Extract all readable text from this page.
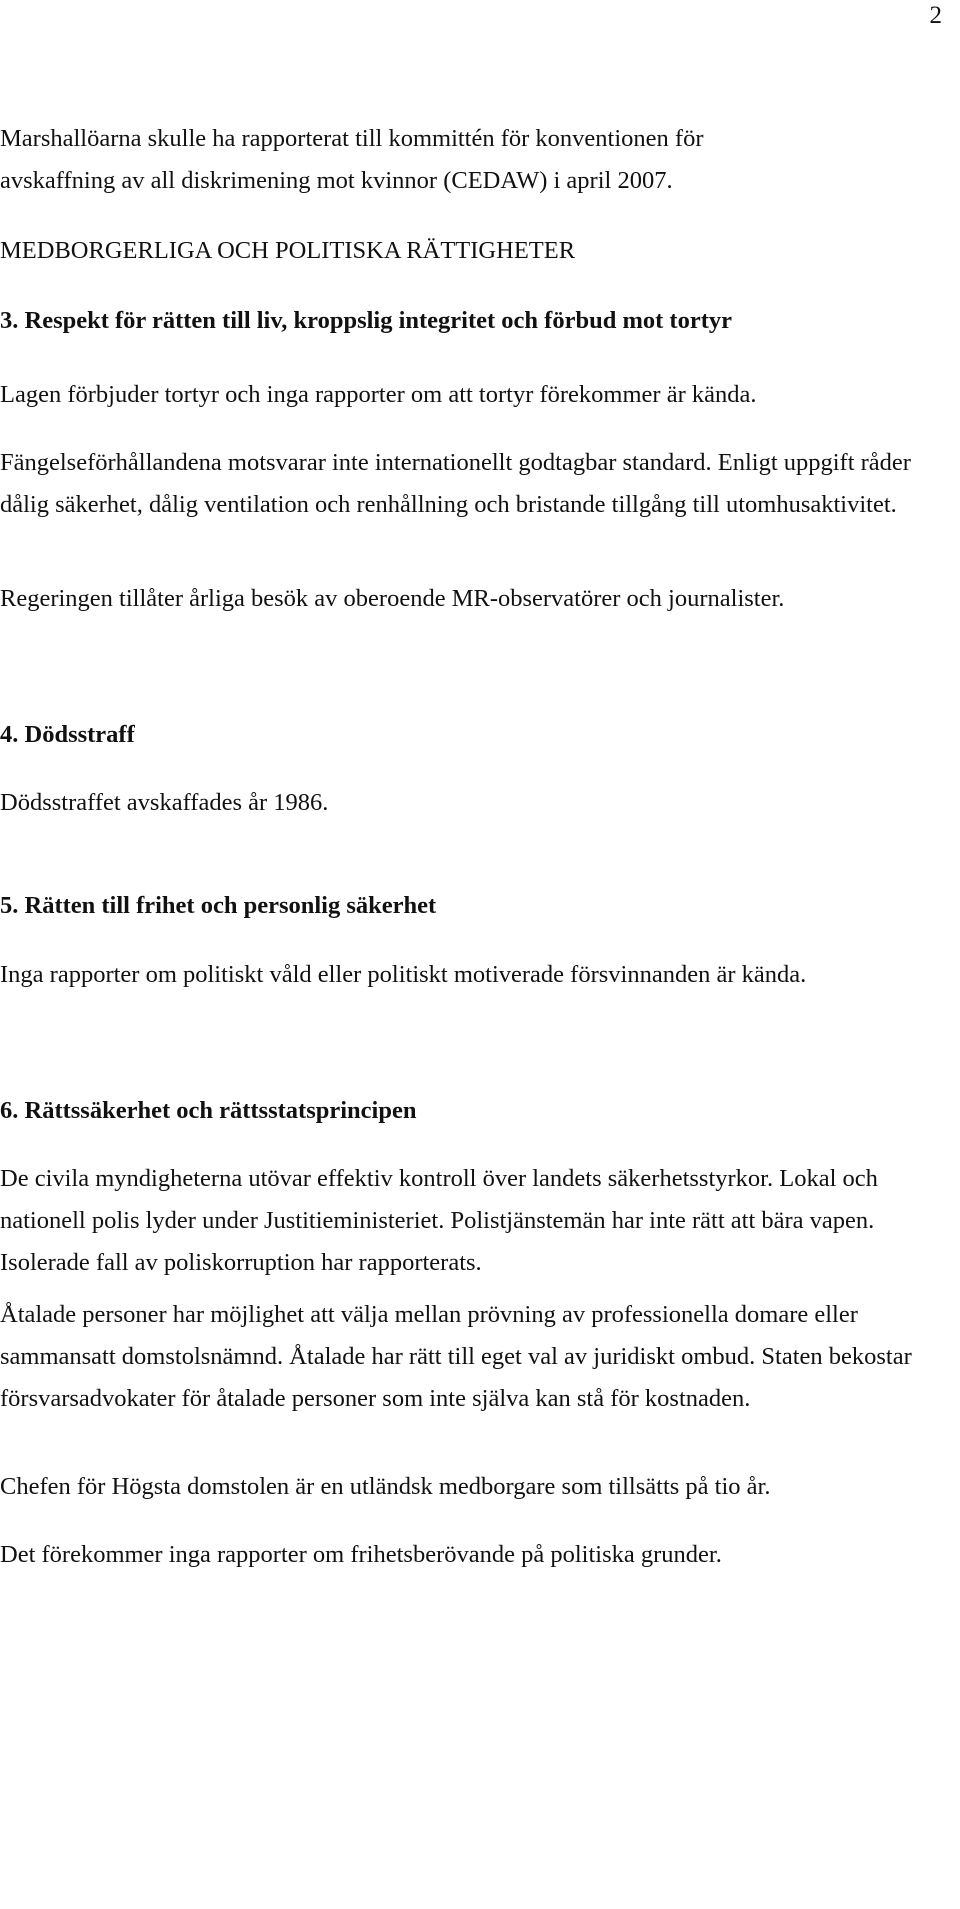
2
Marshallöarna skulle ha rapporterat till kommittén för konventionen för
avskaffning av all diskrimening mot kvinnor (CEDAW) i april 2007.
MEDBORGERLIGA OCH POLITISKA RÄTTIGHETER
3. Respekt för rätten till liv, kroppslig integritet och förbud mot tortyr
Lagen förbjuder tortyr och inga rapporter om att tortyr förekommer är kända.
Fängelseförhållandena motsvarar inte internationellt godtagbar standard. Enligt uppgift råder dålig säkerhet, dålig ventilation och renhållning och bristande tillgång till utomhusaktivitet.
Regeringen tillåter årliga besök av oberoende MR-observatörer och journalister.
4. Dödsstraff
Dödsstraffet avskaffades år 1986.
5. Rätten till frihet och personlig säkerhet
Inga rapporter om politiskt våld eller politiskt motiverade försvinnanden är kända.
6. Rättssäkerhet och rättsstatsprincipen
De civila myndigheterna utövar effektiv kontroll över landets säkerhetsstyrkor. Lokal och nationell polis lyder under Justitieministeriet. Polistjänstemän har inte rätt att bära vapen. Isolerade fall av poliskorruption har rapporterats.
Åtalade personer har möjlighet att välja mellan prövning av professionella domare eller sammansatt domstolsnämnd. Åtalade har rätt till eget val av juridiskt ombud. Staten bekostar försvarsadvokater för åtalade personer som inte själva kan stå för kostnaden.
Chefen för Högsta domstolen är en utländsk medborgare som tillsätts på tio år.
Det förekommer inga rapporter om frihetsberövande på politiska grunder.
